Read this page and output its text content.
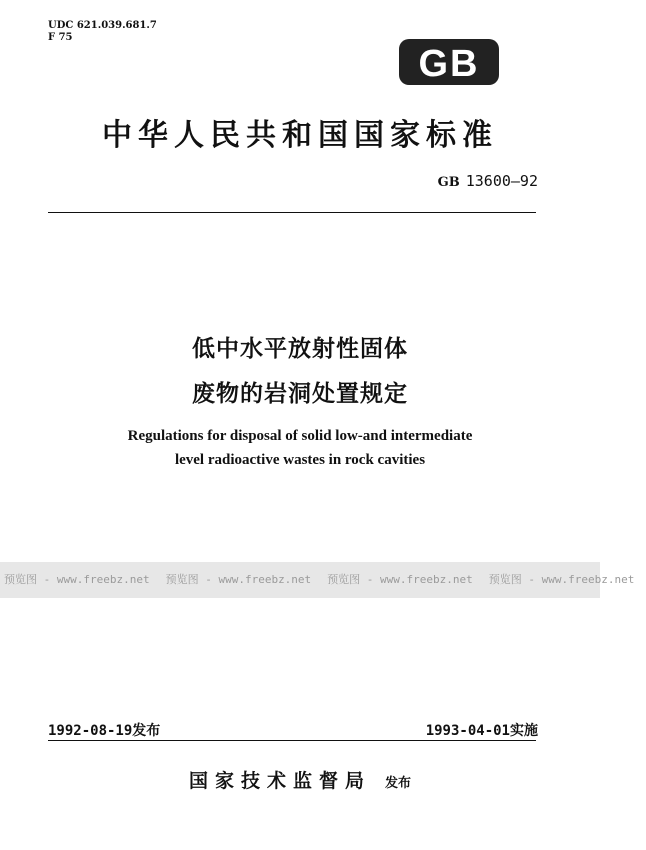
UDC 621.039.681.7
F 75
GB
中华人民共和国国家标准
GB 13600—92
低中水平放射性固体
废物的岩洞处置规定
Regulations for disposal of solid low-and intermediate
level radioactive wastes in rock cavities
预览图 - www.freebz.net 预览图 - www.freebz.net 预览图 - www.freebz.net 预览图 - www.freebz.net
1992-08-19发布	1993-04-01实施
国家技术监督局 发布
